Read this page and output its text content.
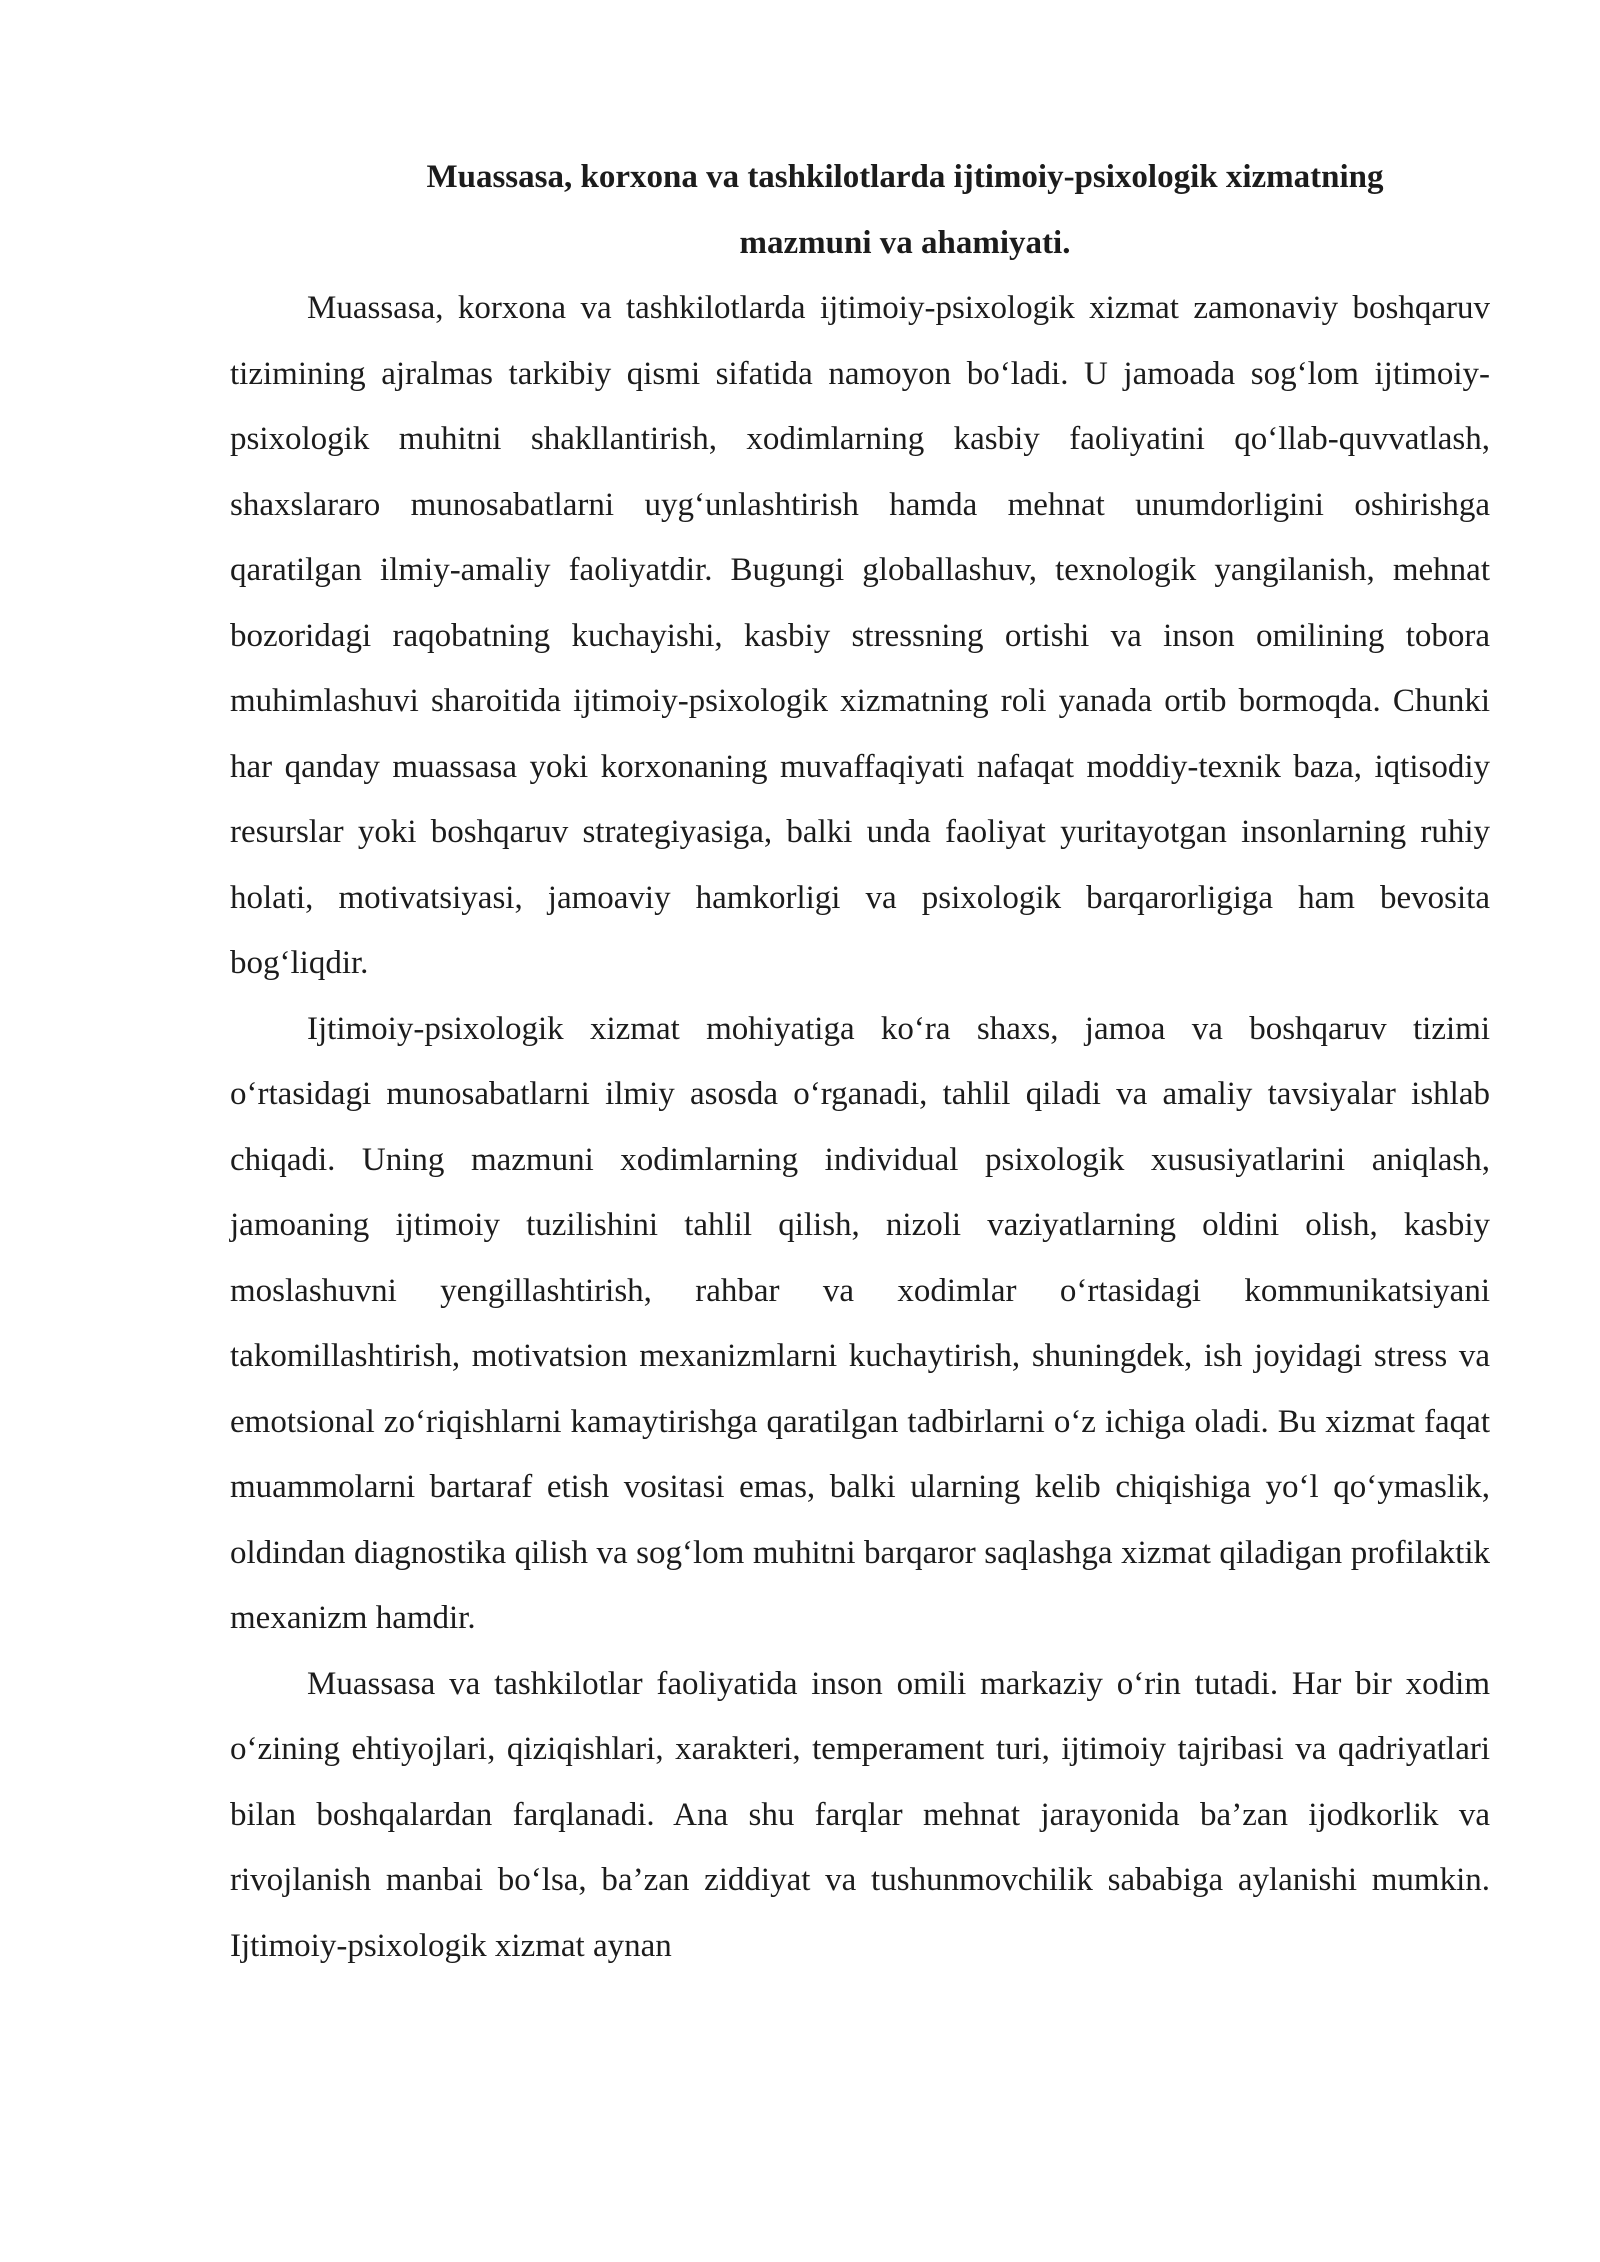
Muassasa, korxona va tashkilotlarda ijtimoiy-psixologik xizmatning mazmuni va ahamiyati.

Muassasa, korxona va tashkilotlarda ijtimoiy-psixologik xizmat zamonaviy boshqaruv tizimining ajralmas tarkibiy qismi sifatida namoyon bo‘ladi. U jamoada sog‘lom ijtimoiy-psixologik muhitni shakllantirish, xodimlarning kasbiy faoliyatini qo‘llab-quvvatlash, shaxslararo munosabatlarni uyg‘unlashtirish hamda mehnat unumdorligini oshirishga qaratilgan ilmiy-amaliy faoliyatdir. Bugungi globallashuv, texnologik yangilanish, mehnat bozoridagi raqobatning kuchayishi, kasbiy stressning ortishi va inson omilining tobora muhimlashuvi sharoitida ijtimoiy-psixologik xizmatning roli yanada ortib bormoqda. Chunki har qanday muassasa yoki korxonaning muvaffaqiyati nafaqat moddiy-texnik baza, iqtisodiy resurslar yoki boshqaruv strategiyasiga, balki unda faoliyat yuritayotgan insonlarning ruhiy holati, motivatsiyasi, jamoaviy hamkorligi va psixologik barqarorligiga ham bevosita bog‘liqdir.

Ijtimoiy-psixologik xizmat mohiyatiga ko‘ra shaxs, jamoa va boshqaruv tizimi o‘rtasidagi munosabatlarni ilmiy asosda o‘rganadi, tahlil qiladi va amaliy tavsiyalar ishlab chiqadi. Uning mazmuni xodimlarning individual psixologik xususiyatlarini aniqlash, jamoaning ijtimoiy tuzilishini tahlil qilish, nizoli vaziyatlarning oldini olish, kasbiy moslashuvni yengillashtirish, rahbar va xodimlar o‘rtasidagi kommunikatsiyani takomillashtirish, motivatsion mexanizmlarni kuchaytirish, shuningdek, ish joyidagi stress va emotsional zo‘riqishlarni kamaytirishga qaratilgan tadbirlarni o‘z ichiga oladi. Bu xizmat faqat muammolarni bartaraf etish vositasi emas, balki ularning kelib chiqishiga yo‘l qo‘ymaslik, oldindan diagnostika qilish va sog‘lom muhitni barqaror saqlashga xizmat qiladigan profilaktik mexanizm hamdir.

Muassasa va tashkilotlar faoliyatida inson omili markaziy o‘rin tutadi. Har bir xodim o‘zining ehtiyojlari, qiziqishlari, xarakteri, temperament turi, ijtimoiy tajribasi va qadriyatlari bilan boshqalardan farqlanadi. Ana shu farqlar mehnat jarayonida ba’zan ijodkorlik va rivojlanish manbai bo‘lsa, ba’zan ziddiyat va tushunmovchilik sababiga aylanishi mumkin. Ijtimoiy-psixologik xizmat aynan
